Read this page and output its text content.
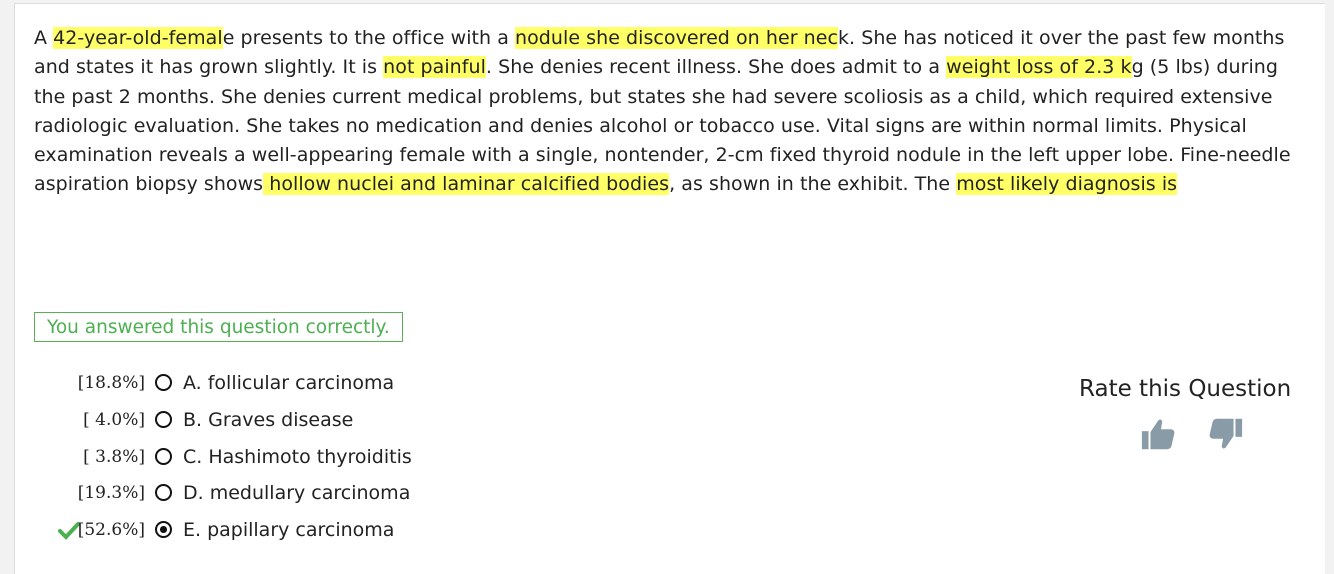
A 42-year-old-female presents to the office with a nodule she discovered on her neck. She has noticed it over the past few months and states it has grown slightly. It is not painful. She denies recent illness. She does admit to a weight loss of 2.3 kg (5 lbs) during the past 2 months. She denies current medical problems, but states she had severe scoliosis as a child, which required extensive radiologic evaluation. She takes no medication and denies alcohol or tobacco use. Vital signs are within normal limits. Physical examination reveals a well-appearing female with a single, nontender, 2-cm fixed thyroid nodule in the left upper lobe. Fine-needle aspiration biopsy shows hollow nuclei and laminar calcified bodies, as shown in the exhibit. The most likely diagnosis is
You answered this question correctly.
[18.8%] A. follicular carcinoma
[ 4.0%] B. Graves disease
[ 3.8%] C. Hashimoto thyroiditis
[19.3%] D. medullary carcinoma
[52.6%] E. papillary carcinoma
Rate this Question
